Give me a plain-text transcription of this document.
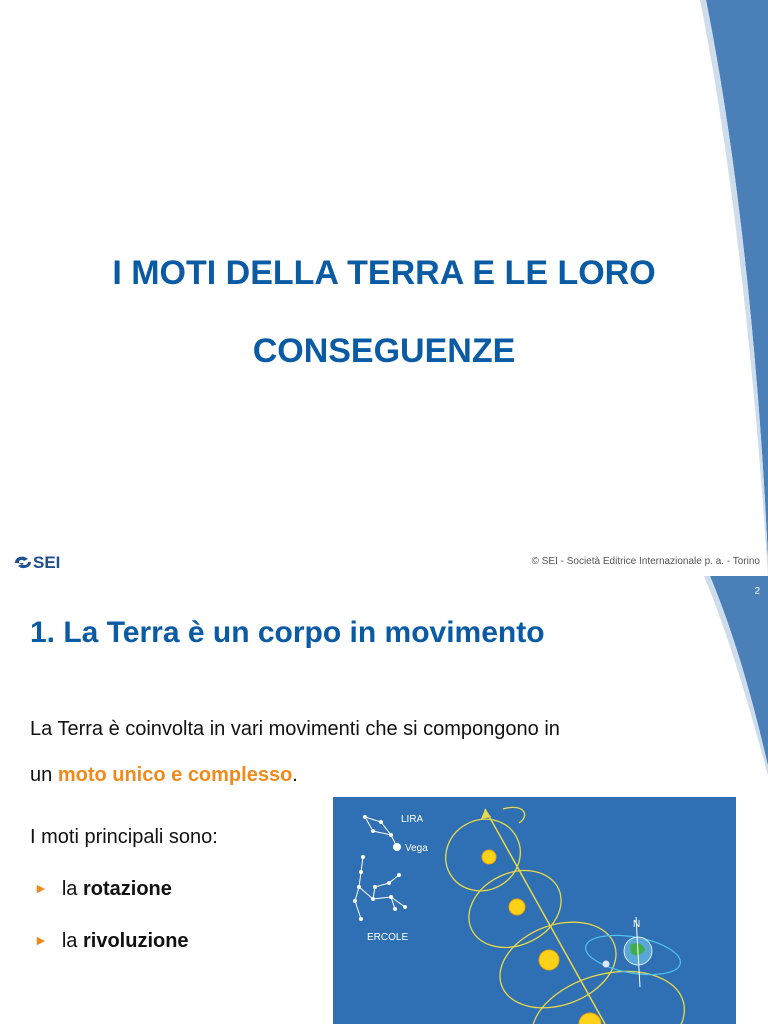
I MOTI DELLA TERRA E LE LORO
CONSEGUENZE
SEI	© SEI - Società Editrice Internazionale p. a. - Torino
2
1. La Terra è un corpo in movimento
La Terra è coinvolta in vari movimenti che si compongono in
un moto unico e complesso.
I moti principali sono:
► la rotazione
► la rivoluzione
LIRA
Vega
ERCOLE
N
